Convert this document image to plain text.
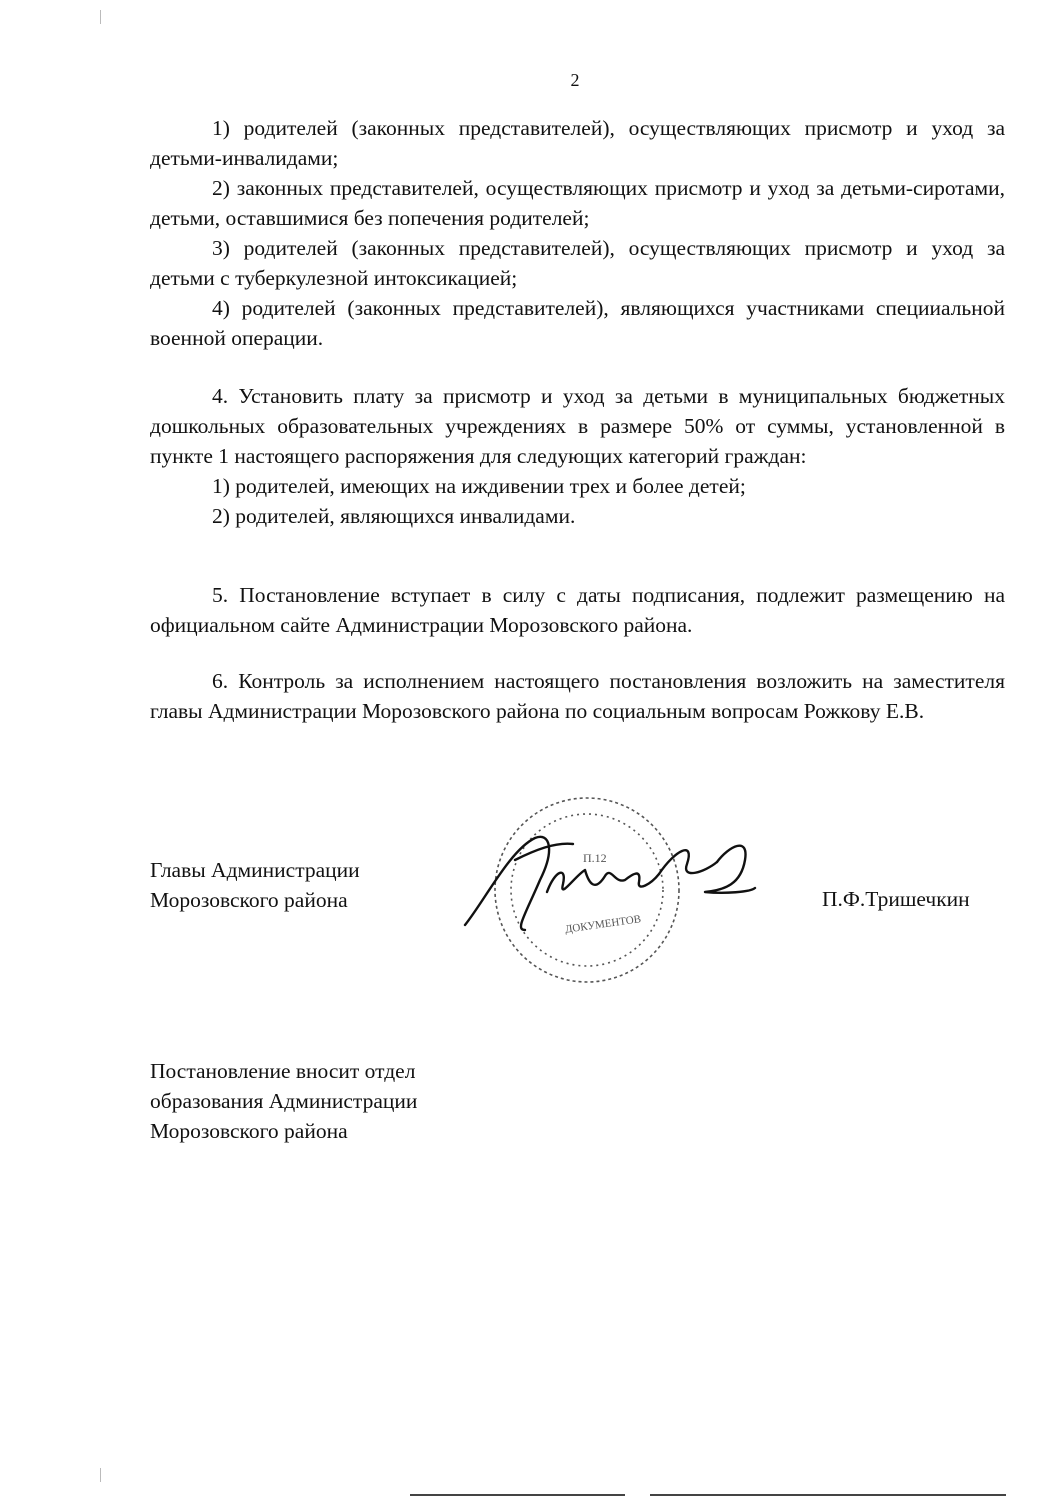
2

1) родителей (законных представителей), осуществляющих присмотр и уход за детьми-инвалидами;

2) законных представителей, осуществляющих присмотр и уход за детьми-сиротами, детьми, оставшимися без попечения родителей;

3) родителей (законных представителей), осуществляющих присмотр и уход за детьми с туберкулезной интоксикацией;

4) родителей (законных представителей), являющихся участниками специиальной военной операции.

4. Установить плату за присмотр и уход за детьми в муниципальных бюджетных дошкольных образовательных учреждениях в размере 50% от суммы, установленной в пункте 1 настоящего распоряжения для следующих категорий граждан:

1) родителей, имеющих на иждивении трех и более детей;

2) родителей, являющихся инвалидами.

5. Постановление вступает в силу с даты подписания, подлежит размещению на официальном сайте Администрации Морозовского района.

6. Контроль за исполнением настоящего постановления возложить на заместителя главы Администрации Морозовского района по социальным вопросам Рожкову Е.В.

Главы Администрации
Морозовского района
П.12
ДОКУМЕНТОВ
П.Ф.Тришечкин
Постановление вносит отдел
образования Администрации
Морозовского района
